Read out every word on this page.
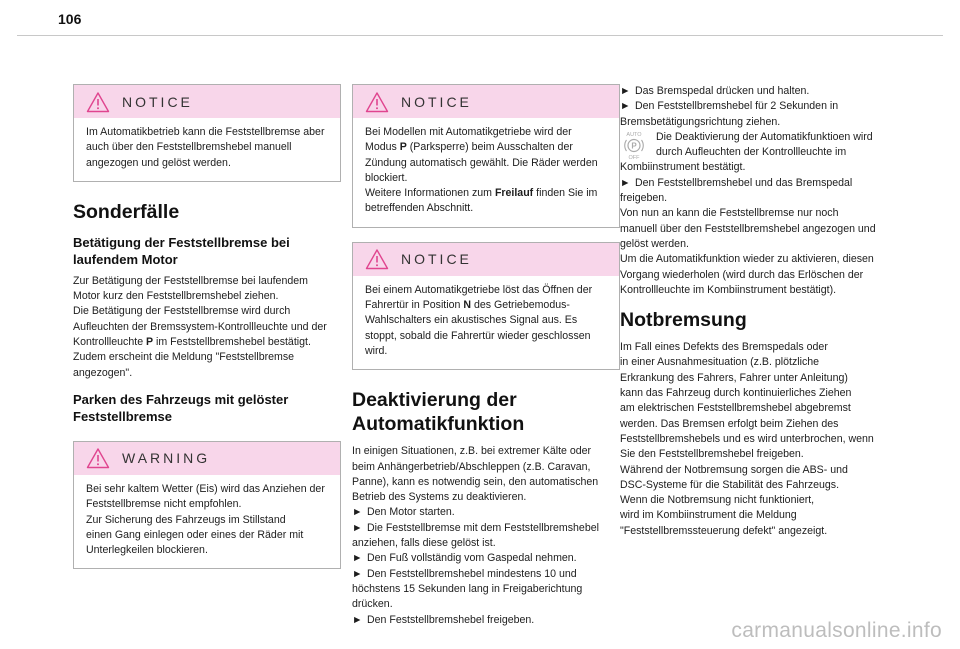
106
NOTICE
Im Automatikbetrieb kann die Feststellbremse aber
auch über den Feststellbremshebel manuell
angezogen und gelöst werden.
Sonderfälle
Betätigung der Feststellbremse bei
laufendem Motor

Zur Betätigung der Feststellbremse bei laufendem
Motor kurz den Feststellbremshebel ziehen.
Die Betätigung der Feststellbremse wird durch
Aufleuchten der Bremssystem-Kontrollleuchte und der
Kontrollleuchte P im Feststellbremshebel bestätigt.
Zudem erscheint die Meldung "Feststellbremse
angezogen".

Parken des Fahrzeugs mit gelöster
Feststellbremse
WARNING
Bei sehr kaltem Wetter (Eis) wird das Anziehen der
Feststellbremse nicht empfohlen.
Zur Sicherung des Fahrzeugs im Stillstand
einen Gang einlegen oder eines der Räder mit
Unterlegkeilen blockieren.
NOTICE
Bei Modellen mit Automatikgetriebe wird der
Modus P (Parksperre) beim Ausschalten der
Zündung automatisch gewählt. Die Räder werden
blockiert.
Weitere Informationen zum Freilauf finden Sie im
betreffenden Abschnitt.
NOTICE
Bei einem Automatikgetriebe löst das Öffnen der
Fahrertür in Position N des Getriebemodus-
Wahlschalters ein akustisches Signal aus. Es
stoppt, sobald die Fahrertür wieder geschlossen
wird.
Deaktivierung der
Automatikfunktion

In einigen Situationen, z.B. bei extremer Kälte oder
beim Anhängerbetrieb/Abschleppen (z.B. Caravan,
Panne), kann es notwendig sein, den automatischen
Betrieb des Systems zu deaktivieren.
► Den Motor starten.
► Die Feststellbremse mit dem Feststellbremshebel
anziehen, falls diese gelöst ist.
► Den Fuß vollständig vom Gaspedal nehmen.
► Den Feststellbremshebel mindestens 10 und
höchstens 15 Sekunden lang in Freigaberichtung
drücken.
► Den Feststellbremshebel freigeben.

► Das Bremspedal drücken und halten.
► Den Feststellbremshebel für 2 Sekunden in
Bremsbetätigungsrichtung ziehen.

AUTO
P
OFF

Die Deaktivierung der Automatikfunktioen wird
durch Aufleuchten der Kontrollleuchte im

Kombiinstrument bestätigt.
► Den Feststellbremshebel und das Bremspedal
freigeben.
Von nun an kann die Feststellbremse nur noch
manuell über den Feststellbremshebel angezogen und
gelöst werden.
Um die Automatikfunktion wieder zu aktivieren, diesen
Vorgang wiederholen (wird durch das Erlöschen der
Kontrollleuchte im Kombiinstrument bestätigt).

Notbremsung

Im Fall eines Defekts des Bremspedals oder
in einer Ausnahmesituation (z.B. plötzliche
Erkrankung des Fahrers, Fahrer unter Anleitung)
kann das Fahrzeug durch kontinuierliches Ziehen
am elektrischen Feststellbremshebel abgebremst
werden. Das Bremsen erfolgt beim Ziehen des
Feststellbremshebels und es wird unterbrochen, wenn
Sie den Feststellbremshebel freigeben.
Während der Notbremsung sorgen die ABS- und
DSC-Systeme für die Stabilität des Fahrzeugs.
Wenn die Notbremsung nicht funktioniert,
wird im Kombiinstrument die Meldung
"Feststellbremssteuerung defekt" angezeigt.

carmanualsonline.info
